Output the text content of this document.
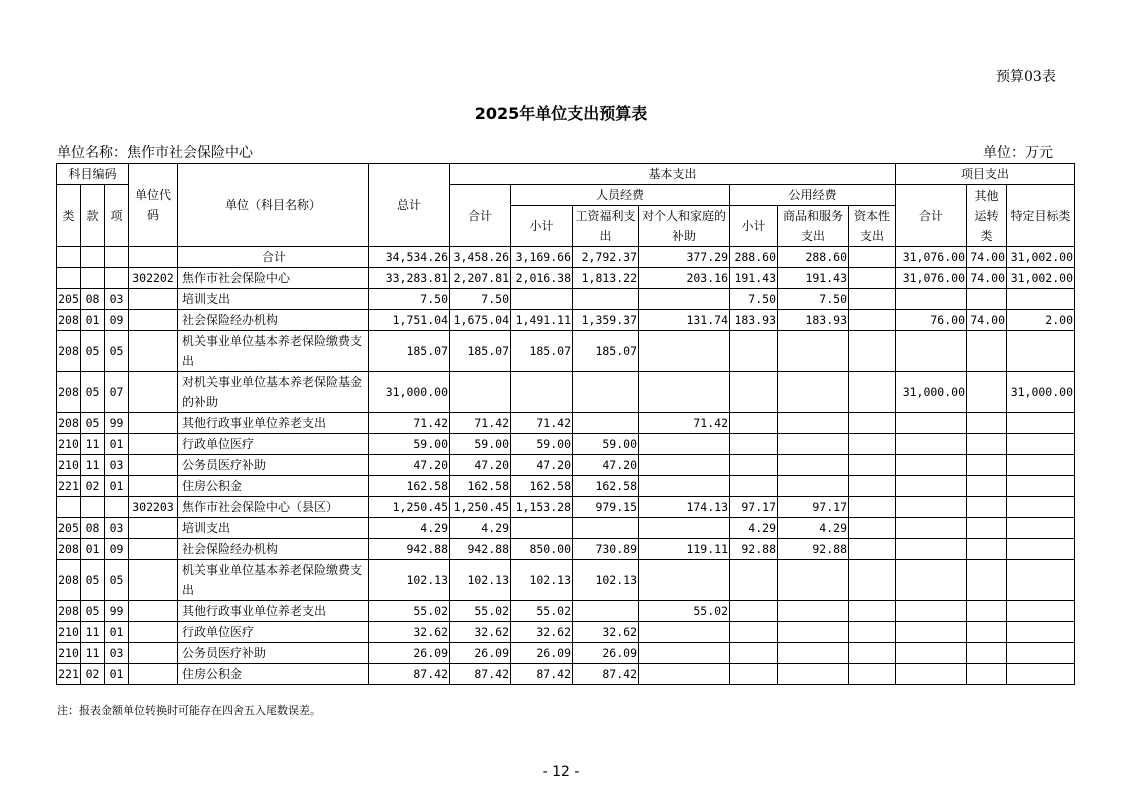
预算03表
2025年单位支出预算表
单位名称：焦作市社会保险中心	单位：万元
科目编码			单位代码	单位（科目名称）	总计	基本支出							项目支出		
类	款	项				合计	人员经费			公用经费			合计	其他运转类	特定目标类
							小计	工资福利支出	对个人和家庭的补助	小计	商品和服务支出	资本性支出			

				合计	34,534.26	3,458.26	3,169.66	2,792.37	377.29	288.60	288.60		31,076.00	74.00	31,002.00
			302202	焦作市社会保险中心	33,283.81	2,207.81	2,016.38	1,813.22	203.16	191.43	191.43		31,076.00	74.00	31,002.00
205	08	03		培训支出	7.50	7.50				7.50	7.50				
208	01	09		社会保险经办机构	1,751.04	1,675.04	1,491.11	1,359.37	131.74	183.93	183.93		76.00	74.00	2.00
208	05	05		机关事业单位基本养老保险缴费支出	185.07	185.07	185.07	185.07							
208	05	07		对机关事业单位基本养老保险基金的补助	31,000.00								31,000.00		31,000.00
208	05	99		其他行政事业单位养老支出	71.42	71.42	71.42		71.42						
210	11	01		行政单位医疗	59.00	59.00	59.00	59.00							
210	11	03		公务员医疗补助	47.20	47.20	47.20	47.20							
221	02	01		住房公积金	162.58	162.58	162.58	162.58							
			302203	焦作市社会保险中心（县区）	1,250.45	1,250.45	1,153.28	979.15	174.13	97.17	97.17				
205	08	03		培训支出	4.29	4.29				4.29	4.29				
208	01	09		社会保险经办机构	942.88	942.88	850.00	730.89	119.11	92.88	92.88				
208	05	05		机关事业单位基本养老保险缴费支出	102.13	102.13	102.13	102.13							
208	05	99		其他行政事业单位养老支出	55.02	55.02	55.02		55.02						
210	11	01		行政单位医疗	32.62	32.62	32.62	32.62							
210	11	03		公务员医疗补助	26.09	26.09	26.09	26.09							
221	02	01		住房公积金	87.42	87.42	87.42	87.42							
注：报表金额单位转换时可能存在四舍五入尾数误差。
- 12 -
